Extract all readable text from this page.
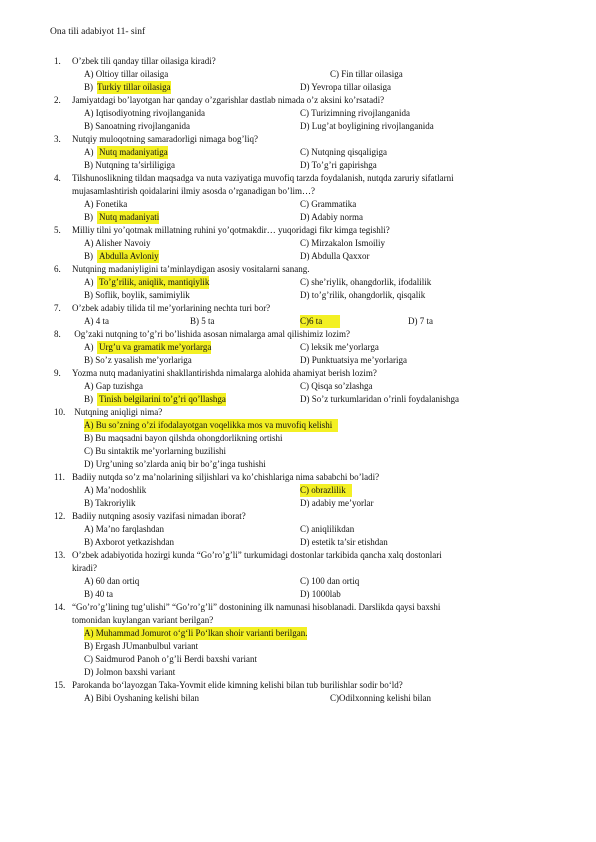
Ona tili adabiyot 11- sinf
1. O’zbek tili qanday tillar oilasiga kiradi?
A) Oltioy tillar oilasiga	C) Fin tillar oilasiga
B) Turkiy tillar oilasiga	D) Yevropa tillar oilasiga
2. Jamiyatdagi bo’layotgan har qanday o’zgarishlar dastlab nimada o’z aksini ko’rsatadi?
A) Iqtisodiyotning rivojlanganida	C) Turizimning rivojlanganida
B) Sanoatning rivojlanganida	D) Lug’at boyligining rivojlanganida
3. Nutqiy muloqotning samaradorligi nimaga bog’liq?
A) Nutq madaniyatiga	C) Nutqning qisqaligiga
B) Nutqning ta’sirliligiga	D) To’g’ri gapirishga
4. Tilshunoslikning tildan maqsadga va nuta vaziyatiga muvofiq tarzda foydalanish, nutqda zaruriy sifatlarni
mujasamlashtirish qoidalarini ilmiy asosda o’rganadigan bo’lim…?
A) Fonetika	C) Grammatika
B) Nutq madaniyati	D) Adabiy norma
5. Milliy tilni yo’qotmak millatning ruhini yo’qotmakdir… yuqoridagi fikr kimga tegishli?
A) Alisher Navoiy	C) Mirzakalon Ismoiliy
B) Abdulla Avloniy	D) Abdulla Qaxxor
6. Nutqning madaniyligini ta’minlaydigan asosiy vositalarni sanang.
A) To’g’rilik, aniqlik, mantiqiylik	C) she’riylik, ohangdorlik, ifodalilik
B) Soflik, boylik, samimiylik	D) to’g’rilik, ohangdorlik, qisqalik
7. O’zbek adabiy tilida til me’yorlarining nechta turi bor?
A) 4 ta	B) 5 ta	C)6 ta	D) 7 ta
8. Og’zaki nutqning to’g’ri bo’lishida asosan nimalarga amal qilishimiz lozim?
A) Urg’u va gramatik me’yorlarga	C) leksik me’yorlarga
B) So’z yasalish me’yorlariga	D) Punktuatsiya me’yorlariga
9. Yozma nutq madaniyatini shakllantirishda nimalarga alohida ahamiyat berish lozim?
A) Gap tuzishga	C) Qisqa so’zlashga
B) Tinish belgilarini to’g’ri qo’llashga	D) So’z turkumlaridan o’rinli foydalanishga
10. Nutqning aniqligi nima?
A) Bu so’zning o’zi ifodalayotgan voqelikka mos va muvofiq kelishi
B) Bu maqsadni bayon qilshda ohongdorlikning ortishi
C) Bu sintaktik me’yorlarning buzilishi
D) Urg’uning so’zlarda aniq bir bo’g’inga tushishi
11. Badiiy nutqda so’z ma’nolarining siljishlari va ko’chishlariga nima sababchi bo’ladi?
A) Ma’nodoshlik	C) obrazlilik
B) Takroriylik	D) adabiy me’yorlar
12. Badiiy nutqning asosiy vazifasi nimadan iborat?
A) Ma’no farqlashdan	C) aniqlilikdan
B) Axborot yetkazishdan	D) estetik ta’sir etishdan
13. O’zbek adabiyotida hozirgi kunda “Go’ro’g’li” turkumidagi dostonlar tarkibida qancha xalq dostonlari
kiradi?
A) 60 dan ortiq	C) 100 dan ortiq
B) 40 ta	D) 1000lab
14. “Go’ro’g’lining tug’ulishi” “Go’ro’g’li” dostonining ilk namunasi hisoblanadi. Darslikda qaysi baxshi
tomonidan kuylangan variant berilgan?
A) Muhammad Jomurot o‘g‘li Po‘lkan shoir varianti berilgan.
B) Ergash JUmanbulbul variant
C) Saidmurod Panoh o’g’li Berdi baxshi variant
D) Jolmon baxshi variant
15. Parokanda bo‘layozgan Taka-Yovmit elide kimning kelishi bilan tub burilishlar sodir bo‘ld?
A) Bibi Oyshaning kelishi bilan	C)Odilxonning kelishi bilan
